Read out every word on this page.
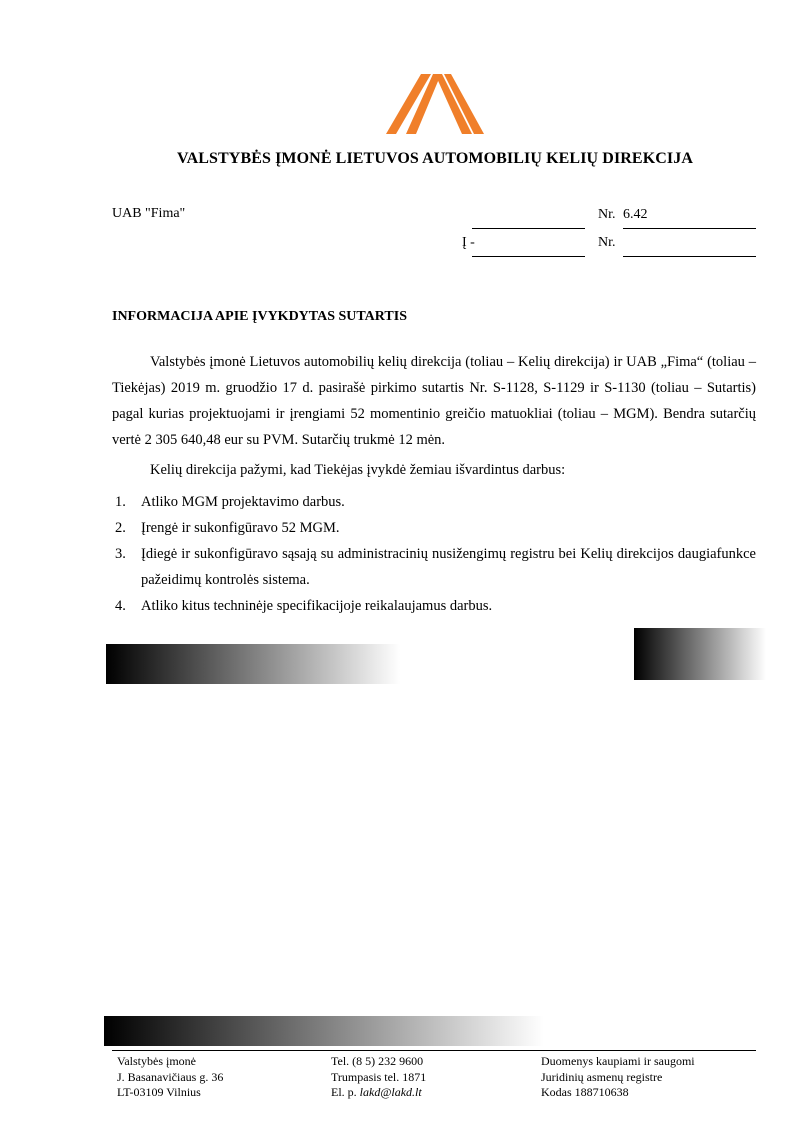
VALSTYBĖS ĮMONĖ LIETUVOS AUTOMOBILIŲ KELIŲ DIREKCIJA
UAB "Fima"	Nr. 6.42
Į -	Nr.
INFORMACIJA APIE ĮVYKDYTAS SUTARTIS

Valstybės įmonė Lietuvos automobilių kelių direkcija (toliau – Kelių direkcija) ir UAB „Fima“ (toliau – Tiekėjas) 2019 m. gruodžio 17 d. pasirašė pirkimo sutartis Nr. S-1128, S-1129 ir S-1130 (toliau – Sutartis) pagal kurias projektuojami ir įrengiami 52 momentinio greičio matuokliai (toliau – MGM). Bendra sutarčių vertė 2 305 640,48 eur su PVM. Sutarčių trukmė 12 mėn.

Kelių direkcija pažymi, kad Tiekėjas įvykdė žemiau išvardintus darbus:
1. Atliko MGM projektavimo darbus.
2. Įrengė ir sukonfigūravo 52 MGM.
3. Įdiegė ir sukonfigūravo sąsają su administracinių nusižengimų registru bei Kelių direkcijos daugiafunkce pažeidimų kontrolės sistema.
4. Atliko kitus techninėje specifikacijoje reikalaujamus darbus.
Valstybės įmonė
J. Basanavičiaus g. 36
LT-03109 Vilnius
Tel. (8 5) 232 9600
Trumpasis tel. 1871
El. p. lakd@lakd.lt
Duomenys kaupiami ir saugomi
Juridinių asmenų registre
Kodas 188710638
